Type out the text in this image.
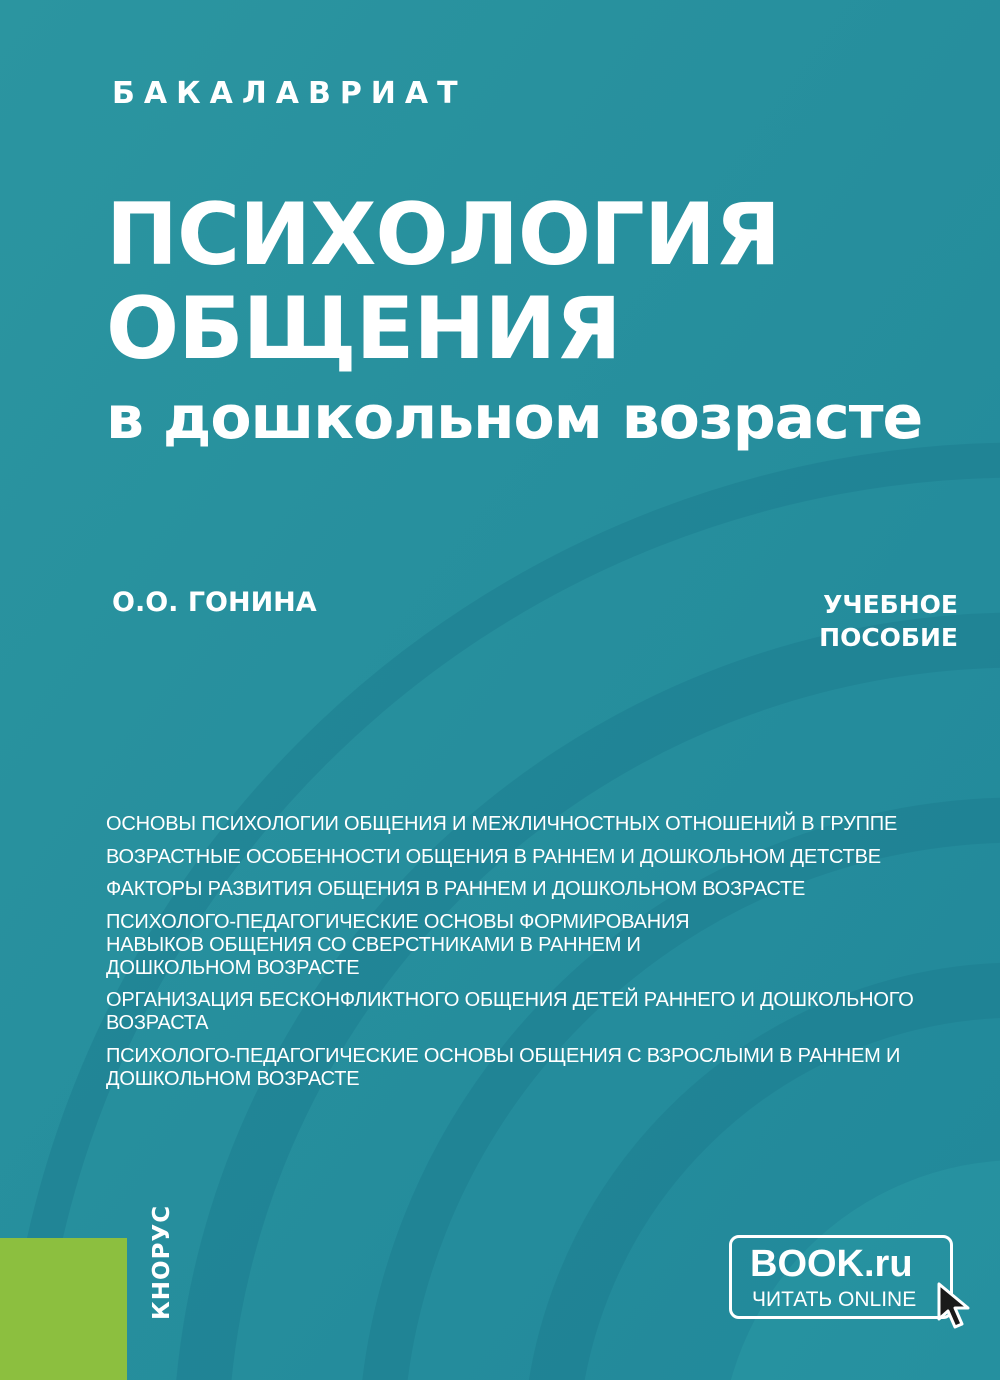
БАКАЛАВРИАТ
ПСИХОЛОГИЯ
ОБЩЕНИЯ
в дошкольном возрасте
О.О. ГОНИНА	УЧЕБНОЕ
ПОСОБИЕ
ОСНОВЫ ПСИХОЛОГИИ ОБЩЕНИЯ И МЕЖЛИЧНОСТНЫХ ОТНОШЕНИЙ В ГРУППЕ
ВОЗРАСТНЫЕ ОСОБЕННОСТИ ОБЩЕНИЯ В РАННЕМ И ДОШКОЛЬНОМ ДЕТСТВЕ
ФАКТОРЫ РАЗВИТИЯ ОБЩЕНИЯ В РАННЕМ И ДОШКОЛЬНОМ ВОЗРАСТЕ
ПСИХОЛОГО-ПЕДАГОГИЧЕСКИЕ ОСНОВЫ ФОРМИРОВАНИЯ НАВЫКОВ ОБЩЕНИЯ СО СВЕРСТНИКАМИ В РАННЕМ И ДОШКОЛЬНОМ ВОЗРАСТЕ
ОРГАНИЗАЦИЯ БЕСКОНФЛИКТНОГО ОБЩЕНИЯ ДЕТЕЙ РАННЕГО И ДОШКОЛЬНОГО ВОЗРАСТА
ПСИХОЛОГО-ПЕДАГОГИЧЕСКИЕ ОСНОВЫ ОБЩЕНИЯ С ВЗРОСЛЫМИ В РАННЕМ И ДОШКОЛЬНОМ ВОЗРАСТЕ
КНОРУС	BOOK.ru
ЧИТАТЬ ONLINE
